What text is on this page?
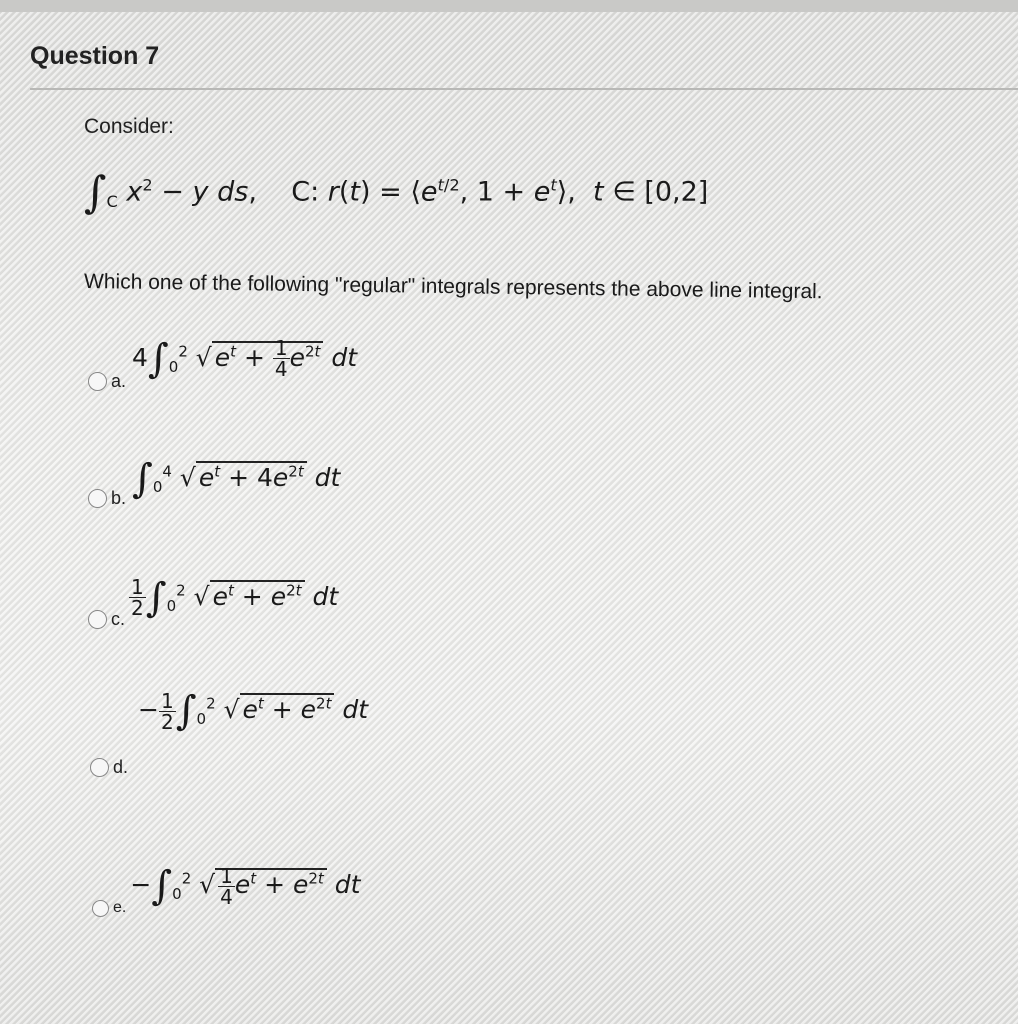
Question 7
Consider:
$\int_C$ $x^2 - y$ ds,    C: $r(t) = ⟨e^{t/2}$, $1 + e^t⟩$,  t ∈ [0,2]
Which one of the following "regular" integrals represents the above line integral.
a.
$4\int_0^2$ √ $e^t + \frac{1}{4} e^{2t}$ dt
b. $\int_0^4$ √ $e^t + 4e^{2t}$ dt
c.
$\frac{1}{2} \int_0^2$ √ $e^t + e^{2t}$ dt
− $\frac{1}{2} \int_0^2$ √ $e^t + e^{2t}$ dt
d.
e.
$-\int_0^2$ √ $\frac{1}{4} e^t + e^{2t}$ dt
